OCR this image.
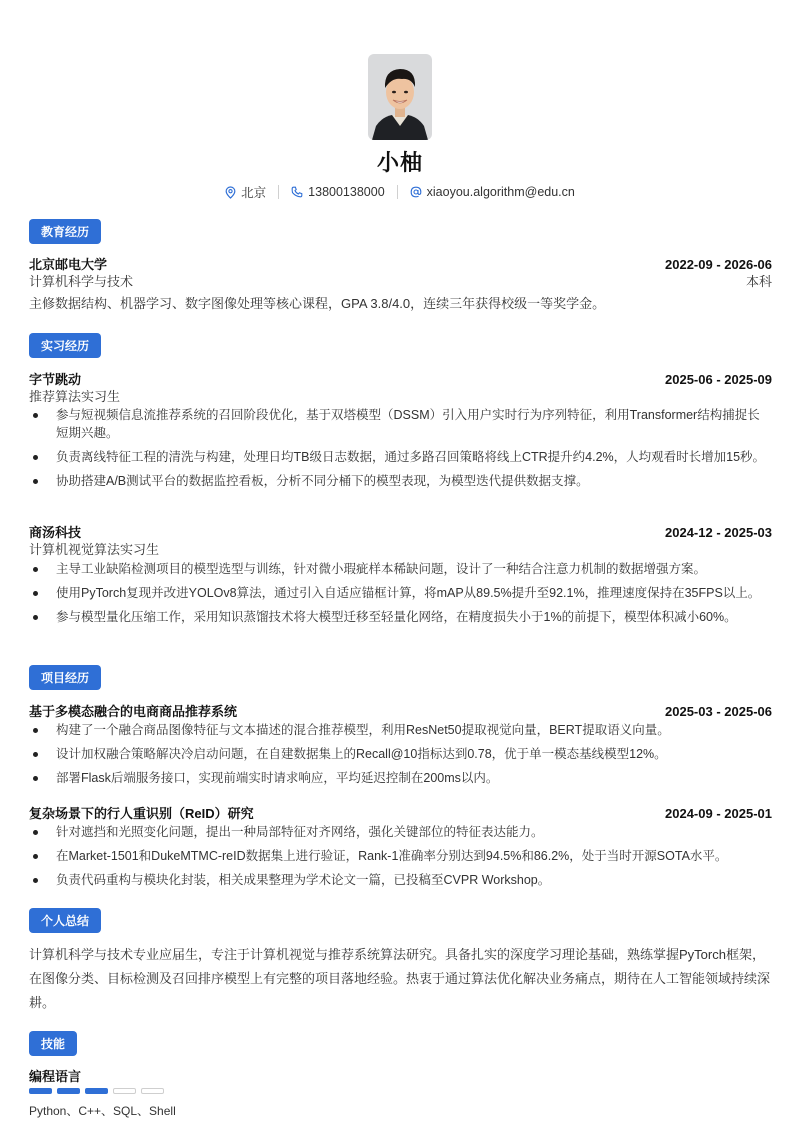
小柚
北京	13800138000	xiaoyou.algorithm@edu.cn
教育经历
北京邮电大学	2022-09 - 2026-06
计算机科学与技术	本科
主修数据结构、机器学习、数字图像处理等核心课程，GPA 3.8/4.0，连续三年获得校级一等奖学金。
实习经历
字节跳动	2025-06 - 2025-09
推荐算法实习生
参与短视频信息流推荐系统的召回阶段优化，基于双塔模型（DSSM）引入用户实时行为序列特征，利用Transformer结构捕捉长短期兴趣。
负责离线特征工程的清洗与构建，处理日均TB级日志数据，通过多路召回策略将线上CTR提升约4.2%，人均观看时长增加15秒。
协助搭建A/B测试平台的数据监控看板，分析不同分桶下的模型表现，为模型迭代提供数据支撑。
商汤科技	2024-12 - 2025-03
计算机视觉算法实习生
主导工业缺陷检测项目的模型选型与训练，针对微小瑕疵样本稀缺问题，设计了一种结合注意力机制的数据增强方案。
使用PyTorch复现并改进YOLOv8算法，通过引入自适应锚框计算，将mAP从89.5%提升至92.1%，推理速度保持在35FPS以上。
参与模型量化压缩工作，采用知识蒸馏技术将大模型迁移至轻量化网络，在精度损失小于1%的前提下，模型体积减小60%。
项目经历
基于多模态融合的电商商品推荐系统	2025-03 - 2025-06
构建了一个融合商品图像特征与文本描述的混合推荐模型，利用ResNet50提取视觉向量，BERT提取语义向量。
设计加权融合策略解决冷启动问题，在自建数据集上的Recall@10指标达到0.78，优于单一模态基线模型12%。
部署Flask后端服务接口，实现前端实时请求响应，平均延迟控制在200ms以内。
复杂场景下的行人重识别（ReID）研究	2024-09 - 2025-01
针对遮挡和光照变化问题，提出一种局部特征对齐网络，强化关键部位的特征表达能力。
在Market-1501和DukeMTMC-reID数据集上进行验证，Rank-1准确率分别达到94.5%和86.2%，处于当时开源SOTA水平。
负责代码重构与模块化封装，相关成果整理为学术论文一篇，已投稿至CVPR Workshop。
个人总结
计算机科学与技术专业应届生，专注于计算机视觉与推荐系统算法研究。具备扎实的深度学习理论基础，熟练掌握PyTorch框架，在图像分类、目标检测及召回排序模型上有完整的项目落地经验。热衷于通过算法优化解决业务痛点，期待在人工智能领域持续深耕。
技能
编程语言
Python、C++、SQL、Shell
